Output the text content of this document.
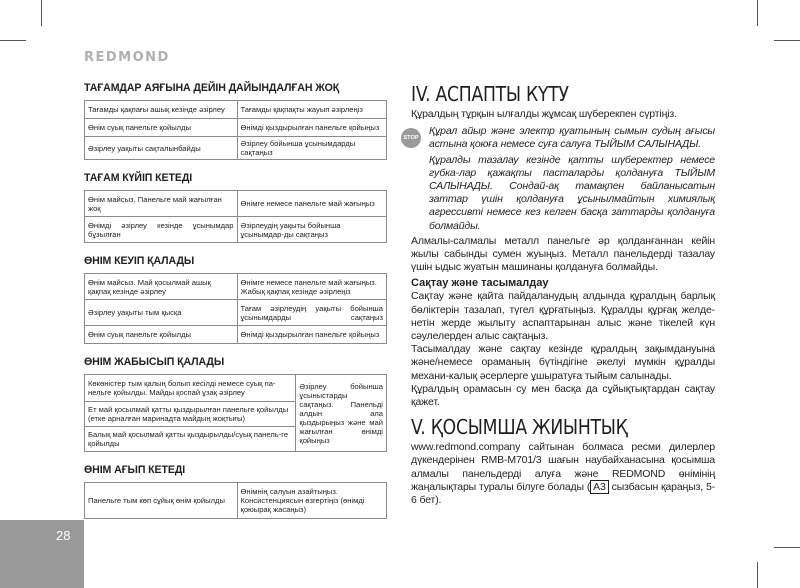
REDMOND
ТАҒАМДАР АЯҒЫНА ДЕЙІН ДАЙЫНДАЛҒАН ЖОҚ
Тағамды қақпағы ашық кезінде әзірлеу	Тағамды қақпақты жауып әзірлеңіз
Өнім суық панельге қойылды	Өнімді қыздырылған панельге қойыңыз
Әзірлеу уақыты сақталынбайды	Әзірлеу бойынша ұсынымдарды сақтаңыз
ТАҒАМ КҮЙІП КЕТЕДІ
Өнім майсыз. Панельге май жағылған жоқ	Өнімге немесе панельге май жағыңыз
Өнімді әзірлеу кезінде ұсынымдар бұзылған	Әзірлеудің уақыты бойынша ұсынымдар-ды сақтаңыз
ӨНІМ КЕУІП ҚАЛАДЫ
Өнім майсыз. Май қосылмай ашық қақпақ кезінде әзірлеу	Өнімге немесе панельге май жағыңыз. Жабық қақпақ кезінде әзірлеңіз
Әзірлеу уақыты тым қысқа	Тағам әзірлеудің уақыты бойынша ұсынымдарды сақтаңыз
Өнім суық панельге қойылды	Өнімді қыздырылған панельге қойыңыз
ӨНІМ ЖАБЫСЫП ҚАЛАДЫ
Көкөністер тым қалың болып кесілді немесе суық па-нельге қойылды. Майды қоспай ұзақ әзірлеу	Әзірлеу бойынша ұсыныстарды сақтаңыз. Панельді алдын ала қыздырыңыз және май жағылған өнімді қойыңыз
Ет май қосылмай қатты қыздырылған панельге қойылды (етке арналған маринадта майдың жоқтығы)
Балық май қосылмай қатты қыздырылды/суық панель-ге қойылды
ӨНІМ АҒЫП КЕТЕДІ
Панельге тым көп сұйық өнім қойылды	Өнімнің салуын азайтыңыз. Консистенциясын өзгертіңіз (өнімді қоюырақ жасаңыз)
IV. АСПАПТЫ КҮТУ

Құралдың тұрқын ылғалды жұмсақ шүберекпен сүртіңіз.

STOP

Құрал айыр және электр қуатының сымын судың ағысы астына қоюға немесе суға салуға ТЫЙЫМ САЛЫНАДЫ.

Құралды тазалау кезінде қатты шүберектер немесе губка-лар қажақты пасталарды қолдануға ТЫЙЫМ САЛЫНАДЫ. Сондай-ақ тамақпен байланысатын заттар үшін қолдануға ұсынылмайтын химиялық агрессивті немесе кез келген басқа заттарды қолдануға болмайды.

Алмалы-салмалы металл панельге әр қолданғаннан кейін жылы сабынды сумен жуыңыз. Металл панельдерді тазалау үшін ыдыс жуатын машинаны қолдануға болмайды.

Сақтау және тасымалдау

Сақтау және қайта пайдаланудың алдында құралдың барлық бөліктерін тазалап, түгел құрғатыңыз. Құралды құрғақ желде-нетін жерде жылыту аспаптарынан алыс және тікелей күн сәулелерден алыс сақтаңыз.

Тасымалдау және сақтау кезінде құралдың зақымдануына және/немесе ораманың бүтіндігіне әкелуі мүмкін құралды механи-калық әсерлерге ұшыратуға тыйым салынады.

Құралдың орамасын су мен басқа да сұйықтықтардан сақтау қажет.

V. ҚОСЫМША ЖИЫНТЫҚ

www.redmond.company сайтынан болмаса ресми дилерлер дүкендерінен RMB-M701/3 шағын наубайханасына қосымша алмалы панельдерді алуға және REDMOND өнімінің жаңалықтары туралы білуге болады ( А3 сызбасын қараңыз, 5-6 бет).

28
